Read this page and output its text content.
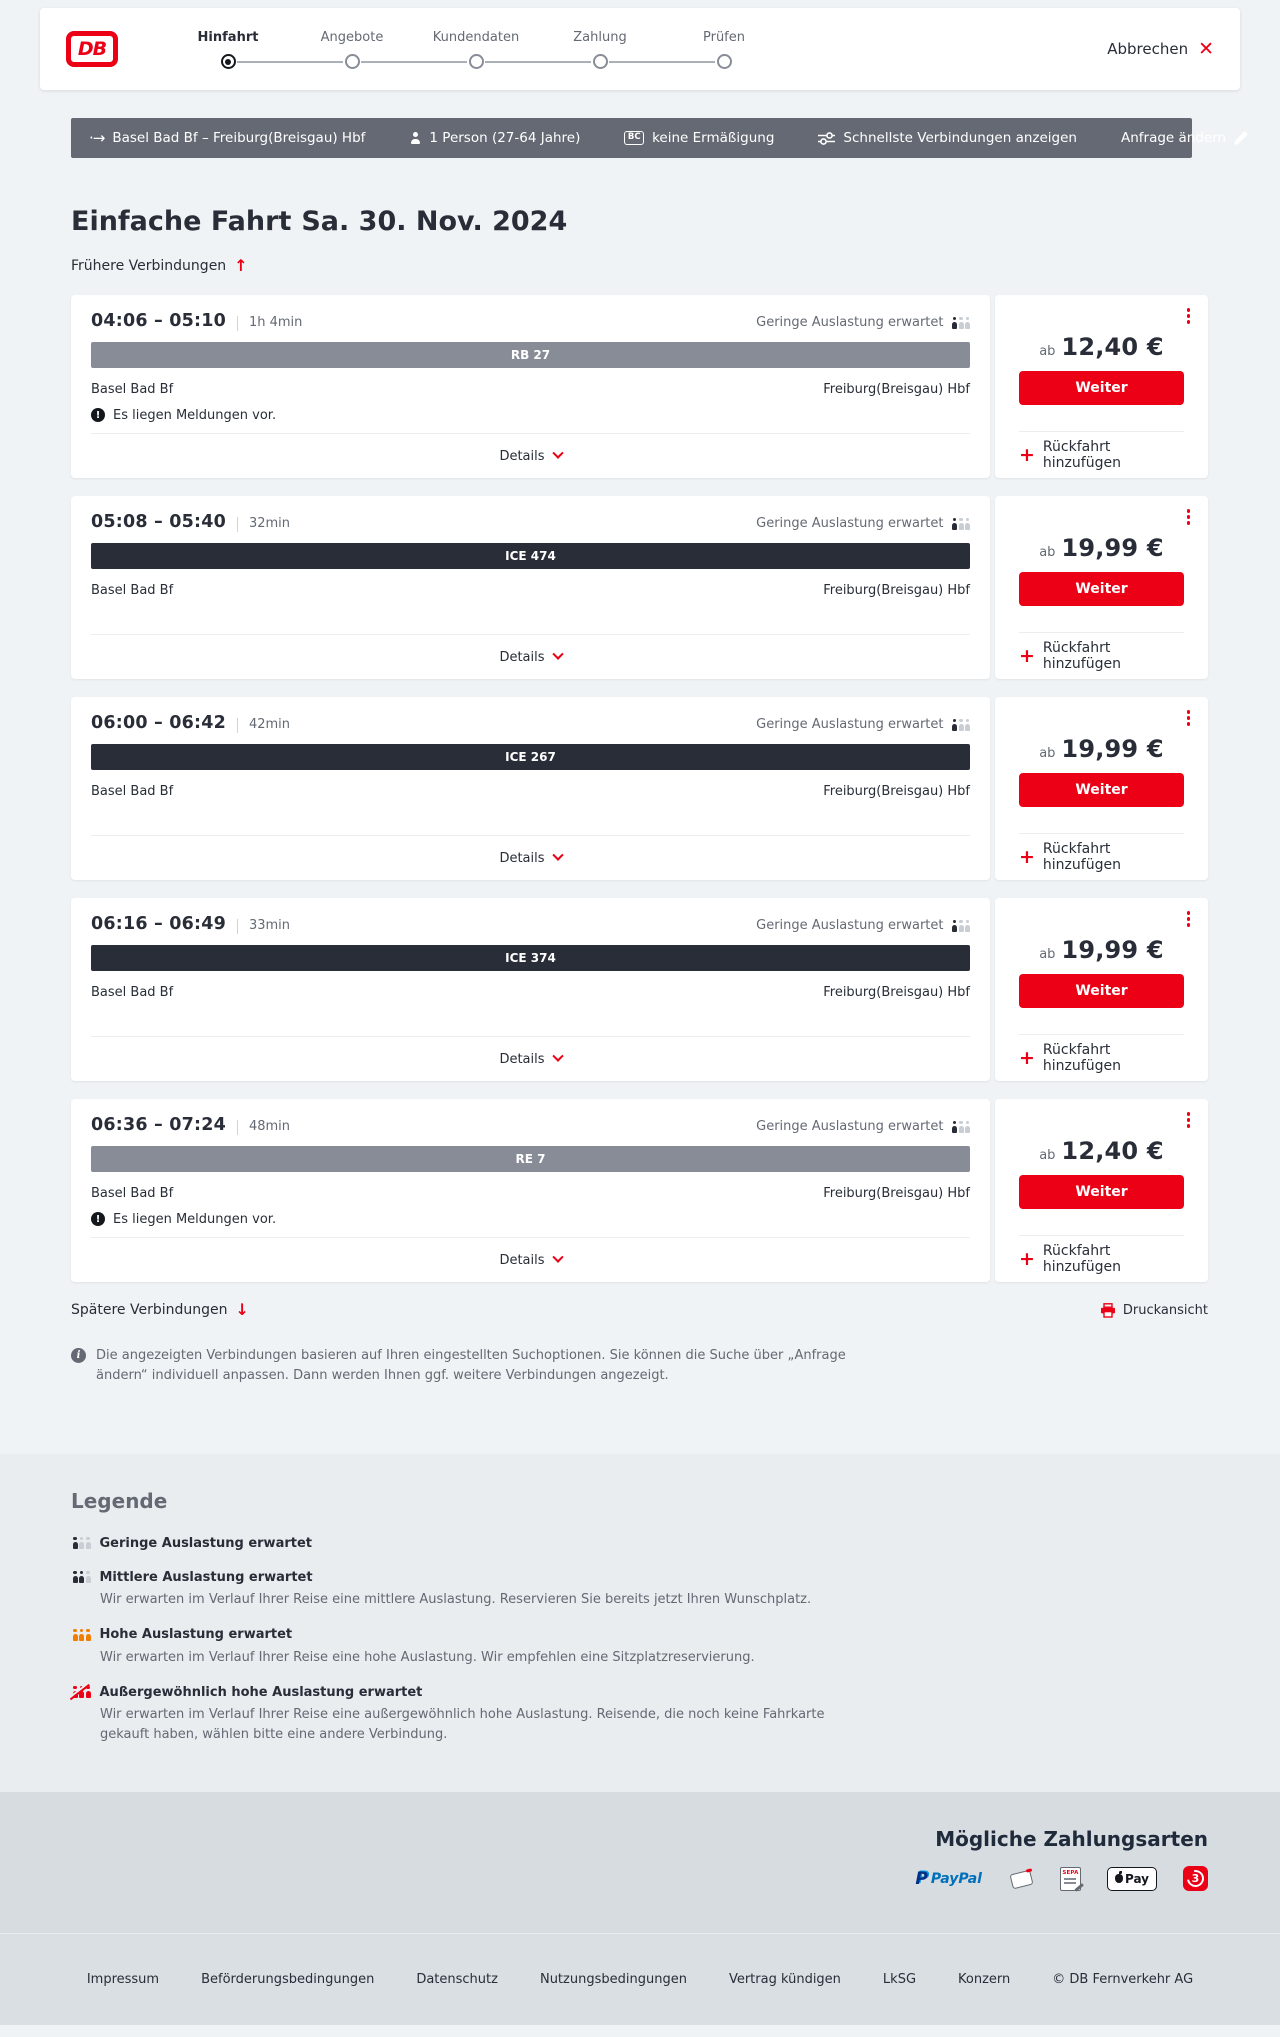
DB
Hinfahrt	Angebote	Kundendaten	Zahlung	Prüfen
Abbrechen ✕
·→ Basel Bad Bf – Freiburg(Breisgau) Hbf	1 Person (27-64 Jahre)	BC keine Ermäßigung	Schnellste Verbindungen anzeigen	Anfrage ändern
Einfache Fahrt Sa. 30. Nov. 2024
Frühere Verbindungen ↑
04:06 – 05:10 1h 4min	Geringe Auslastung erwartet
RB 27
Basel Bad Bf	Freiburg(Breisgau) Hbf
!
Es liegen Meldungen vor.
Details
ab 12,40 €
Weiter
+ Rückfahrt hinzufügen
05:08 – 05:40 32min	Geringe Auslastung erwartet
ICE 474
Basel Bad Bf	Freiburg(Breisgau) Hbf
Details
ab 19,99 €
Weiter
+ Rückfahrt hinzufügen
06:00 – 06:42 42min	Geringe Auslastung erwartet
ICE 267
Basel Bad Bf	Freiburg(Breisgau) Hbf
Details
ab 19,99 €
Weiter
+ Rückfahrt hinzufügen
06:16 – 06:49 33min	Geringe Auslastung erwartet
ICE 374
Basel Bad Bf	Freiburg(Breisgau) Hbf
Details
ab 19,99 €
Weiter
+ Rückfahrt hinzufügen
06:36 – 07:24 48min	Geringe Auslastung erwartet
RE 7
Basel Bad Bf	Freiburg(Breisgau) Hbf
!
Es liegen Meldungen vor.
Details
ab 12,40 €
Weiter
+ Rückfahrt hinzufügen
Spätere Verbindungen ↓	Druckansicht
i

Die angezeigten Verbindungen basieren auf Ihren eingestellten Suchoptionen. Sie können die Suche über „Anfrage ändern“ individuell anpassen. Dann werden Ihnen ggf. weitere Verbindungen angezeigt.

Legende
Geringe Auslastung erwartet
Mittlere Auslastung erwartet

Wir erwarten im Verlauf Ihrer Reise eine mittlere Auslastung. Reservieren Sie bereits jetzt Ihren Wunschplatz.

Hohe Auslastung erwartet

Wir erwarten im Verlauf Ihrer Reise eine hohe Auslastung. Wir empfehlen eine Sitzplatzreservierung.

Außergewöhnlich hohe Auslastung erwartet

Wir erwarten im Verlauf Ihrer Reise eine außergewöhnlich hohe Auslastung. Reisende, die noch keine Fahrkarte gekauft haben, wählen bitte eine andere Verbindung.

Mögliche Zahlungsarten
P PayPal	SEPA	Pay	3
Impressum	Beförderungsbedingungen	Datenschutz	Nutzungsbedingungen	Vertrag kündigen	LkSG	Konzern	© DB Fernverkehr AG
